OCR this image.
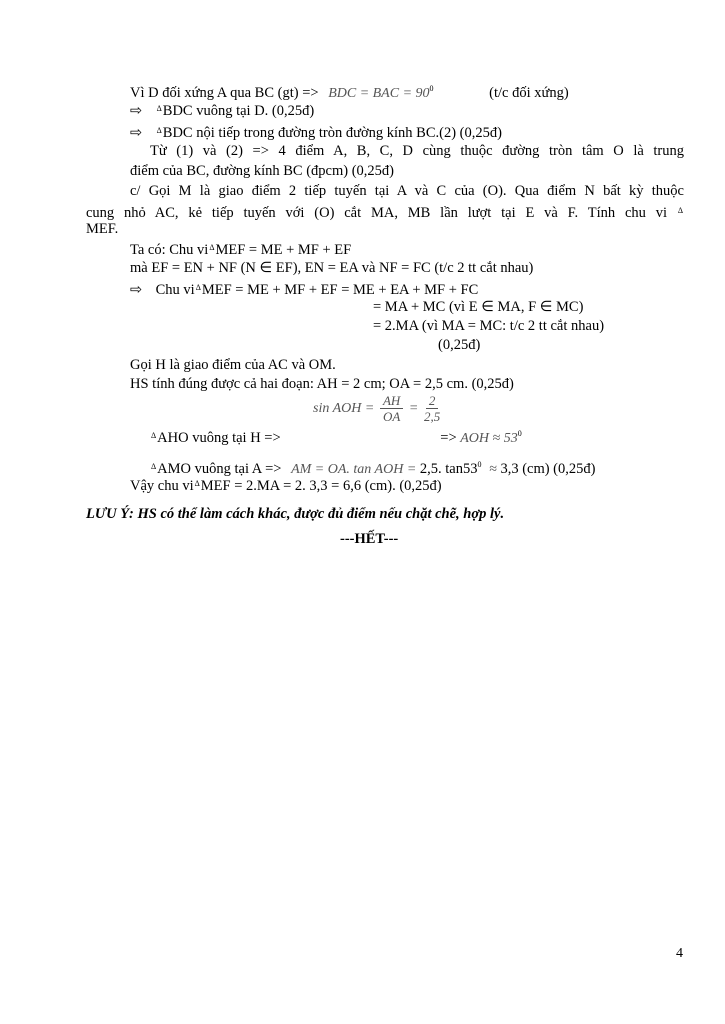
Vì D đối xứng A qua BC (gt) => BDC = BAC = $90^0$	(t/c đối xứng)
⇨ $^\Delta$BDC vuông tại D. (0,25đ)
⇨ $^\Delta$BDC nội tiếp trong đường tròn đường kính BC.(2) (0,25đ)
Từ (1) và (2) => 4 điểm A, B, C, D cùng thuộc đường tròn tâm O là trung
điểm của BC, đường kính BC (đpcm) (0,25đ)
c/ Gọi M là giao điểm 2 tiếp tuyến tại A và C của (O). Qua điểm N bất kỳ thuộc
cung nhỏ AC, kẻ tiếp tuyến với (O) cắt MA, MB lần lượt tại E và F. Tính chu vi $^\Delta$
MEF.
Ta có: Chu $vi^\Delta MEF$ = ME + MF + EF
mà EF = EN + NF (N ∈ EF), EN = EA và NF = FC (t/c 2 tt cắt nhau)
⇨ Chu $vi^\Delta MEF$ = ME + MF + EF = ME + EA + MF + FC
= MA + MC (vì E ∈ MA, F ∈ MC)
= 2.MA (vì MA = MC: t/c 2 tt cắt nhau)
(0,25đ)
Gọi H là giao điểm của AC và OM.
HS tính đúng được cả hai đoạn: AH = 2 cm; OA = 2,5 cm. (0,25đ)
sin AOH = $\frac{AH}{OA} = \frac{2}{2,5}$
$^\Delta$AHO vuông tại H =>	=> AOH ≈ $53^0$
$^\Delta$AMO vuông tại A => AM = OA. tan AOH = 2,5. $\tan 53^0 \approx 3,3$ (cm) (0,25đ)
Vậy chu $vi^\Delta MEF = 2.MA = 2$. 3,3 = 6,6 (cm). (0,25đ)
LƯU Ý: HS có thể làm cách khác, được đủ điểm nếu chặt chẽ, hợp lý.
---HẾT---
4
